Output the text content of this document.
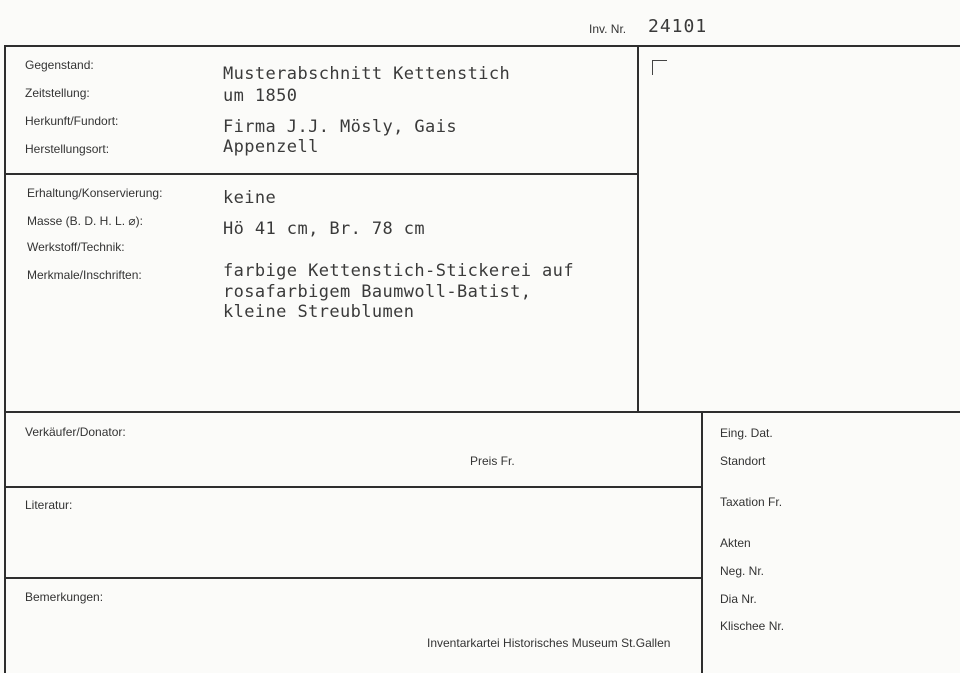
Inv. Nr. 24101
Gegenstand:
Zeitstellung:
Herkunft/Fundort:
Herstellungsort:
Musterabschnitt Kettenstich
um 1850
Firma J.J. Mösly, Gais
Appenzell
Erhaltung/Konservierung:
Masse (B. D. H. L. ⌀):
Werkstoff/Technik:
Merkmale/Inschriften:
keine
Hö 41 cm, Br. 78 cm
farbige Kettenstich-Stickerei auf
rosafarbigem Baumwoll-Batist,
kleine Streublumen
Verkäufer/Donator:
Preis Fr.
Literatur:
Bemerkungen:
Inventarkartei Historisches Museum St.Gallen
Eing. Dat.
Standort
Taxation Fr.
Akten
Neg. Nr.
Dia Nr.
Klischee Nr.
